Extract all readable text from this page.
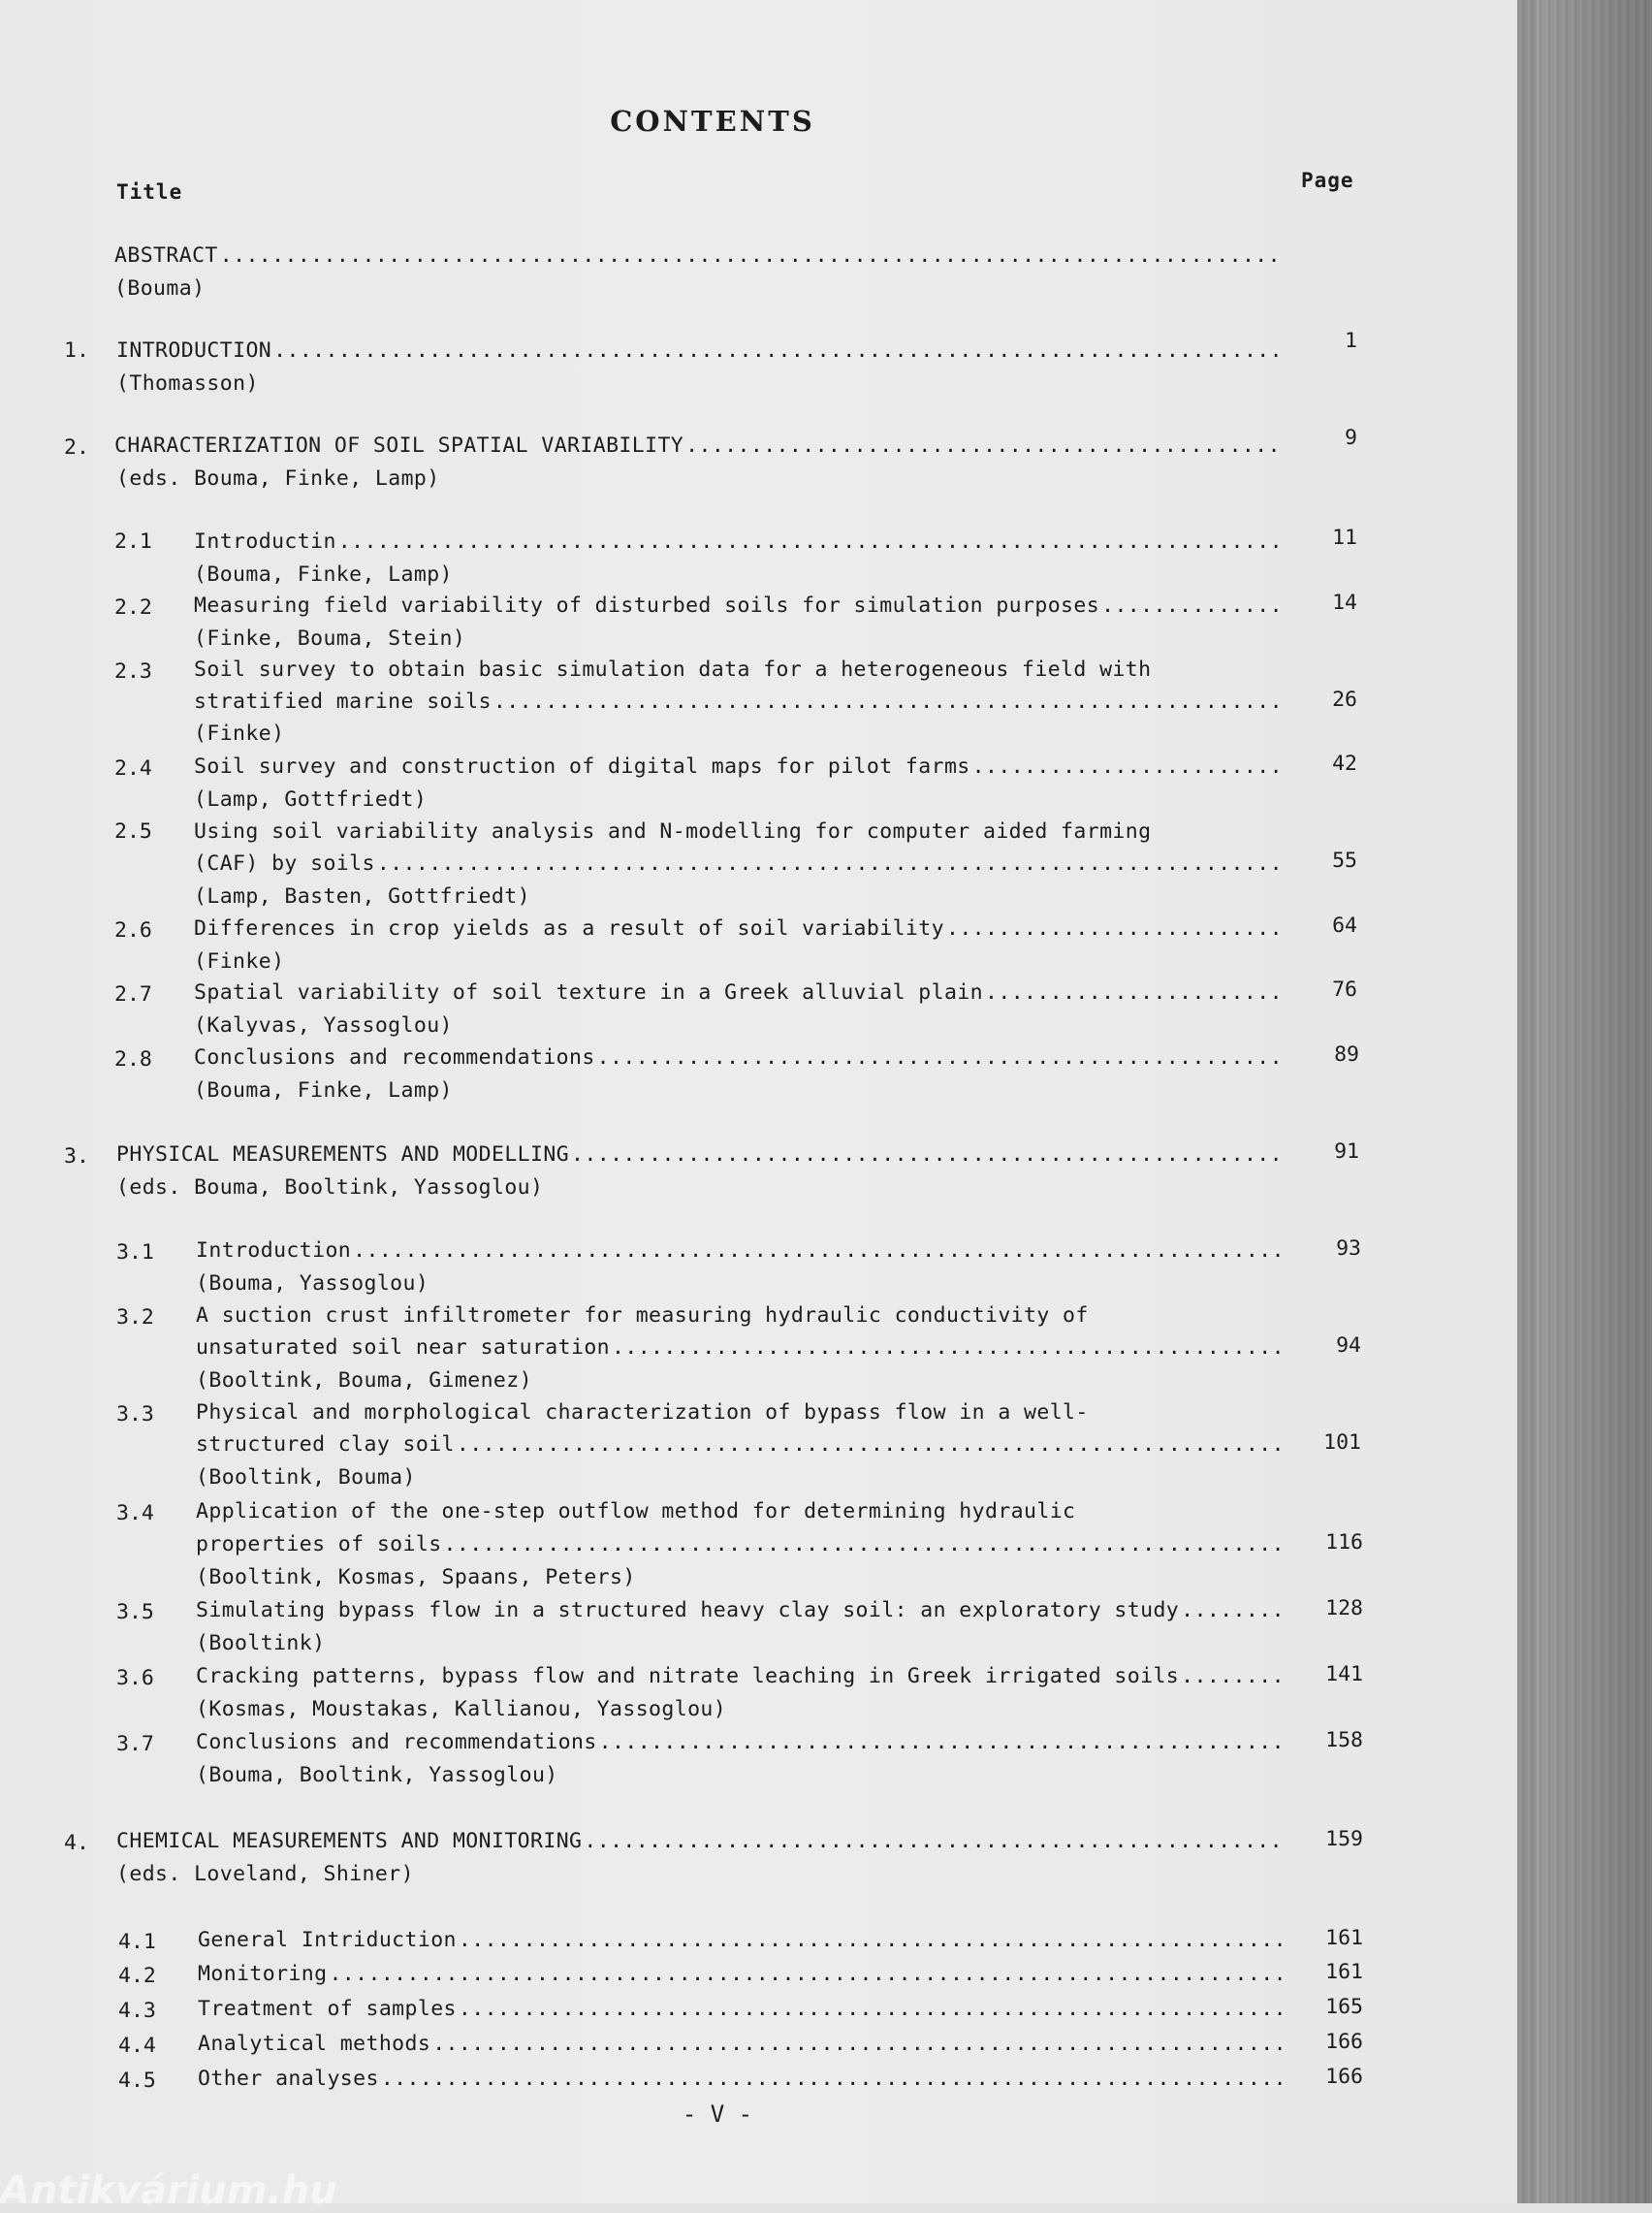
CONTENTS
Title	Page
ABSTRACT
.....
(Bouma)
1. INTRODUCTION .....	1
(Thomasson)
2. CHARACTERIZATION OF SOIL SPATIAL VARIABILITY .....	9
(eds. Bouma, Finke, Lamp)
2.1 Introductin .....	11
(Bouma, Finke, Lamp)
2.2 Measuring field variability of disturbed soils for simulation purposes .....	14
(Finke, Bouma, Stein)
2.3 Soil survey to obtain basic simulation data for a heterogeneous field with
stratified marine soils .....	26
(Finke)
2.4 Soil survey and construction of digital maps for pilot farms .....	42
(Lamp, Gottfriedt)
2.5 Using soil variability analysis and N-modelling for computer aided farming
(CAF) by soils .....	55
(Lamp, Basten, Gottfriedt)
2.6 Differences in crop yields as a result of soil variability .....	64
(Finke)
2.7 Spatial variability of soil texture in a Greek alluvial plain .....	76
(Kalyvas, Yassoglou)
2.8 Conclusions and recommendations .....	89
(Bouma, Finke, Lamp)
3. PHYSICAL MEASUREMENTS AND MODELLING .....	91
(eds. Bouma, Booltink, Yassoglou)
3.1 Introduction .....	93
(Bouma, Yassoglou)
3.2 A suction crust infiltrometer for measuring hydraulic conductivity of
unsaturated soil near saturation .....	94
(Booltink, Bouma, Gimenez)
3.3 Physical and morphological characterization of bypass flow in a well-
structured clay soil .....	101
(Booltink, Bouma)
3.4 Application of the one-step outflow method for determining hydraulic
properties of soils .....	116
(Booltink, Kosmas, Spaans, Peters)
3.5 Simulating bypass flow in a structured heavy clay soil: an exploratory study .....	128
(Booltink)
3.6 Cracking patterns, bypass flow and nitrate leaching in Greek irrigated soils .....	141
(Kosmas, Moustakas, Kallianou, Yassoglou)
3.7 Conclusions and recommendations .....	158
(Bouma, Booltink, Yassoglou)
4. CHEMICAL MEASUREMENTS AND MONITORING .....	159
(eds. Loveland, Shiner)
4.1 General Intriduction .....	161
4.2 Monitoring .....	161
4.3 Treatment of samples .....	165
4.4 Analytical methods .....	166
4.5 Other analyses .....	166
- V -
Antikvárium.hu
